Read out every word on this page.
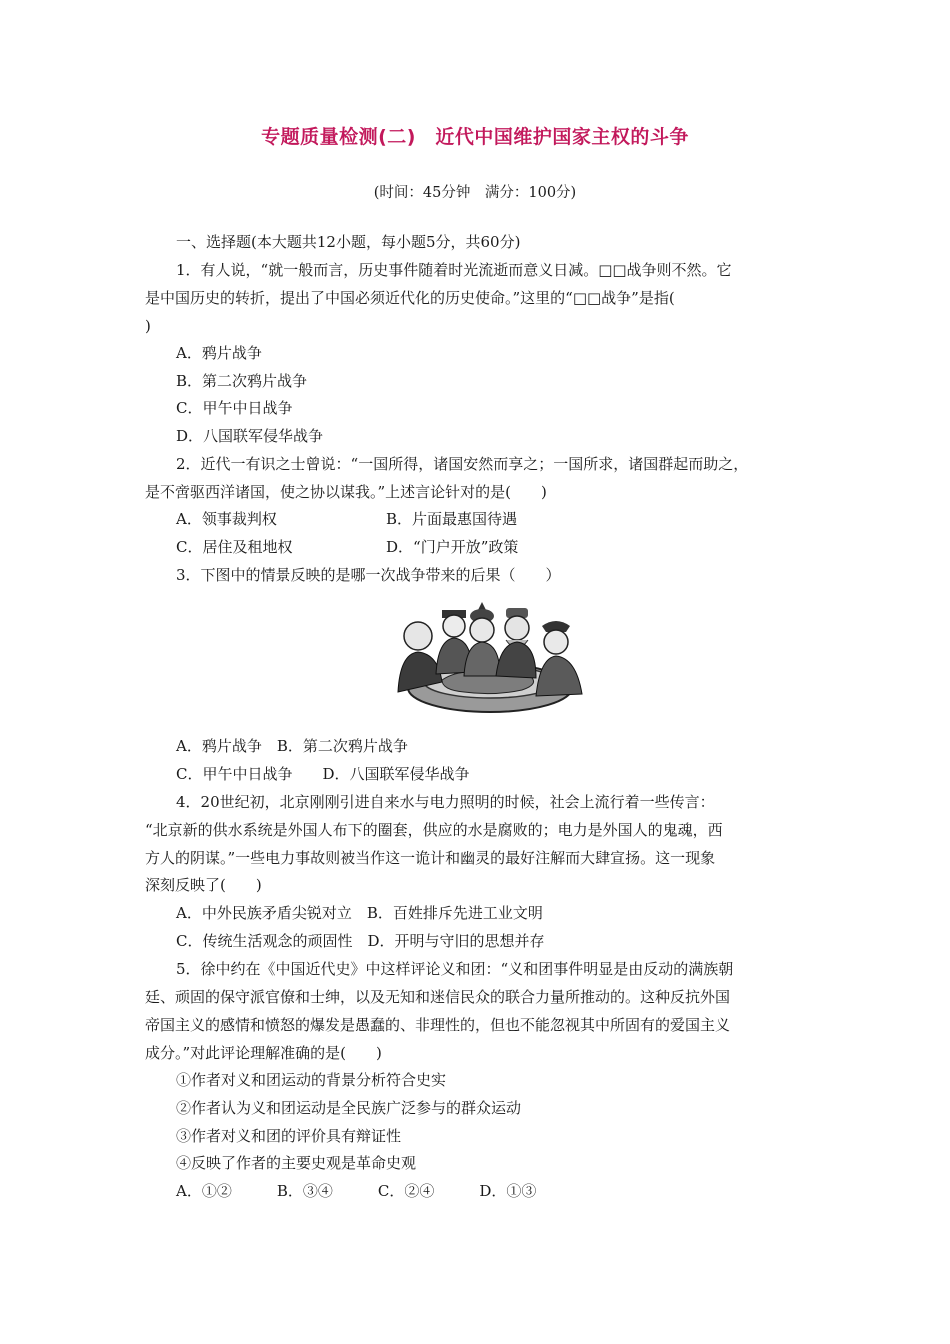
专题质量检测(二)　近代中国维护国家主权的斗争
(时间：45分钟　满分：100分)
一、选择题(本大题共12小题，每小题5分，共60分)
1．有人说，“就一般而言，历史事件随着时光流逝而意义日减。□□战争则不然。它
是中国历史的转折，提出了中国必须近代化的历史使命。”这里的“□□战争”是指(
)
A．鸦片战争
B．第二次鸦片战争
C．甲午中日战争
D．八国联军侵华战争
2．近代一有识之士曾说：“一国所得，诸国安然而享之；一国所求，诸国群起而助之，
是不啻驱西洋诸国，使之协以谋我。”上述言论针对的是(　　)
A．领事裁判权	B．片面最惠国待遇
C．居住及租地权	D．“门户开放”政策
3．下图中的情景反映的是哪一次战争带来的后果（　　）
A．鸦片战争　B．第二次鸦片战争
C．甲午中日战争　　D．八国联军侵华战争
4．20世纪初，北京刚刚引进自来水与电力照明的时候，社会上流行着一些传言：
“北京新的供水系统是外国人布下的圈套，供应的水是腐败的；电力是外国人的鬼魂，西
方人的阴谋。”一些电力事故则被当作这一诡计和幽灵的最好注解而大肆宣扬。这一现象
深刻反映了(　　)
A．中外民族矛盾尖锐对立　B．百姓排斥先进工业文明
C．传统生活观念的顽固性　D．开明与守旧的思想并存
5．徐中约在《中国近代史》中这样评论义和团：“义和团事件明显是由反动的满族朝
廷、顽固的保守派官僚和士绅，以及无知和迷信民众的联合力量所推动的。这种反抗外国
帝国主义的感情和愤怒的爆发是愚蠢的、非理性的，但也不能忽视其中所固有的爱国主义
成分。”对此评论理解准确的是(　　)
①作者对义和团运动的背景分析符合史实
②作者认为义和团运动是全民族广泛参与的群众运动
③作者对义和团的评价具有辩证性
④反映了作者的主要史观是革命史观
A．①②　　　B．③④　　　C．②④　　　D．①③
